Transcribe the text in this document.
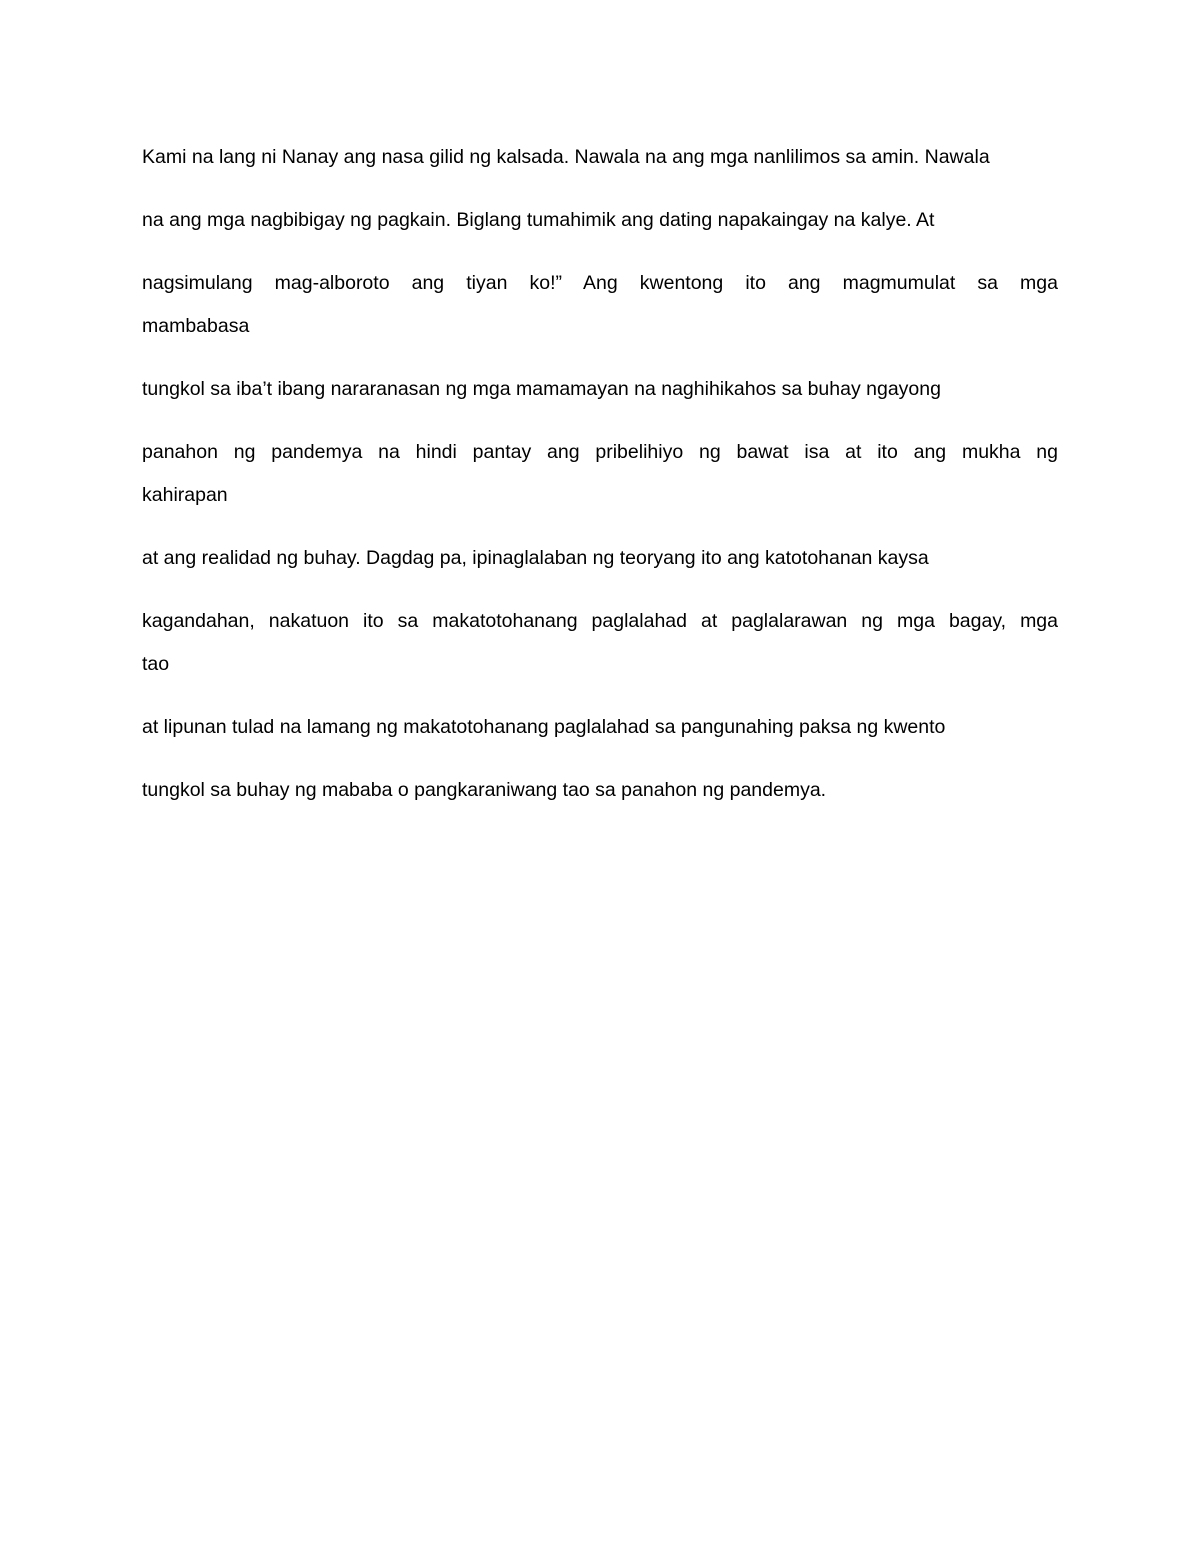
Kami na lang ni Nanay ang nasa gilid ng kalsada. Nawala na ang mga nanlilimos sa amin. Nawala

na ang mga nagbibigay ng pagkain. Biglang tumahimik ang dating napakaingay na kalye. At

nagsimulang mag-alboroto ang tiyan ko!” Ang kwentong ito ang magmumulat sa mga

mambabasa

tungkol sa iba’t ibang nararanasan ng mga mamamayan na naghihikahos sa buhay ngayong

panahon ng pandemya na hindi pantay ang pribelihiyo ng bawat isa at ito ang mukha ng

kahirapan

at ang realidad ng buhay. Dagdag pa, ipinaglalaban ng teoryang ito ang katotohanan kaysa

kagandahan, nakatuon ito sa makatotohanang paglalahad at paglalarawan ng mga bagay, mga

tao

at lipunan tulad na lamang ng makatotohanang paglalahad sa pangunahing paksa ng kwento

tungkol sa buhay ng mababa o pangkaraniwang tao sa panahon ng pandemya.
